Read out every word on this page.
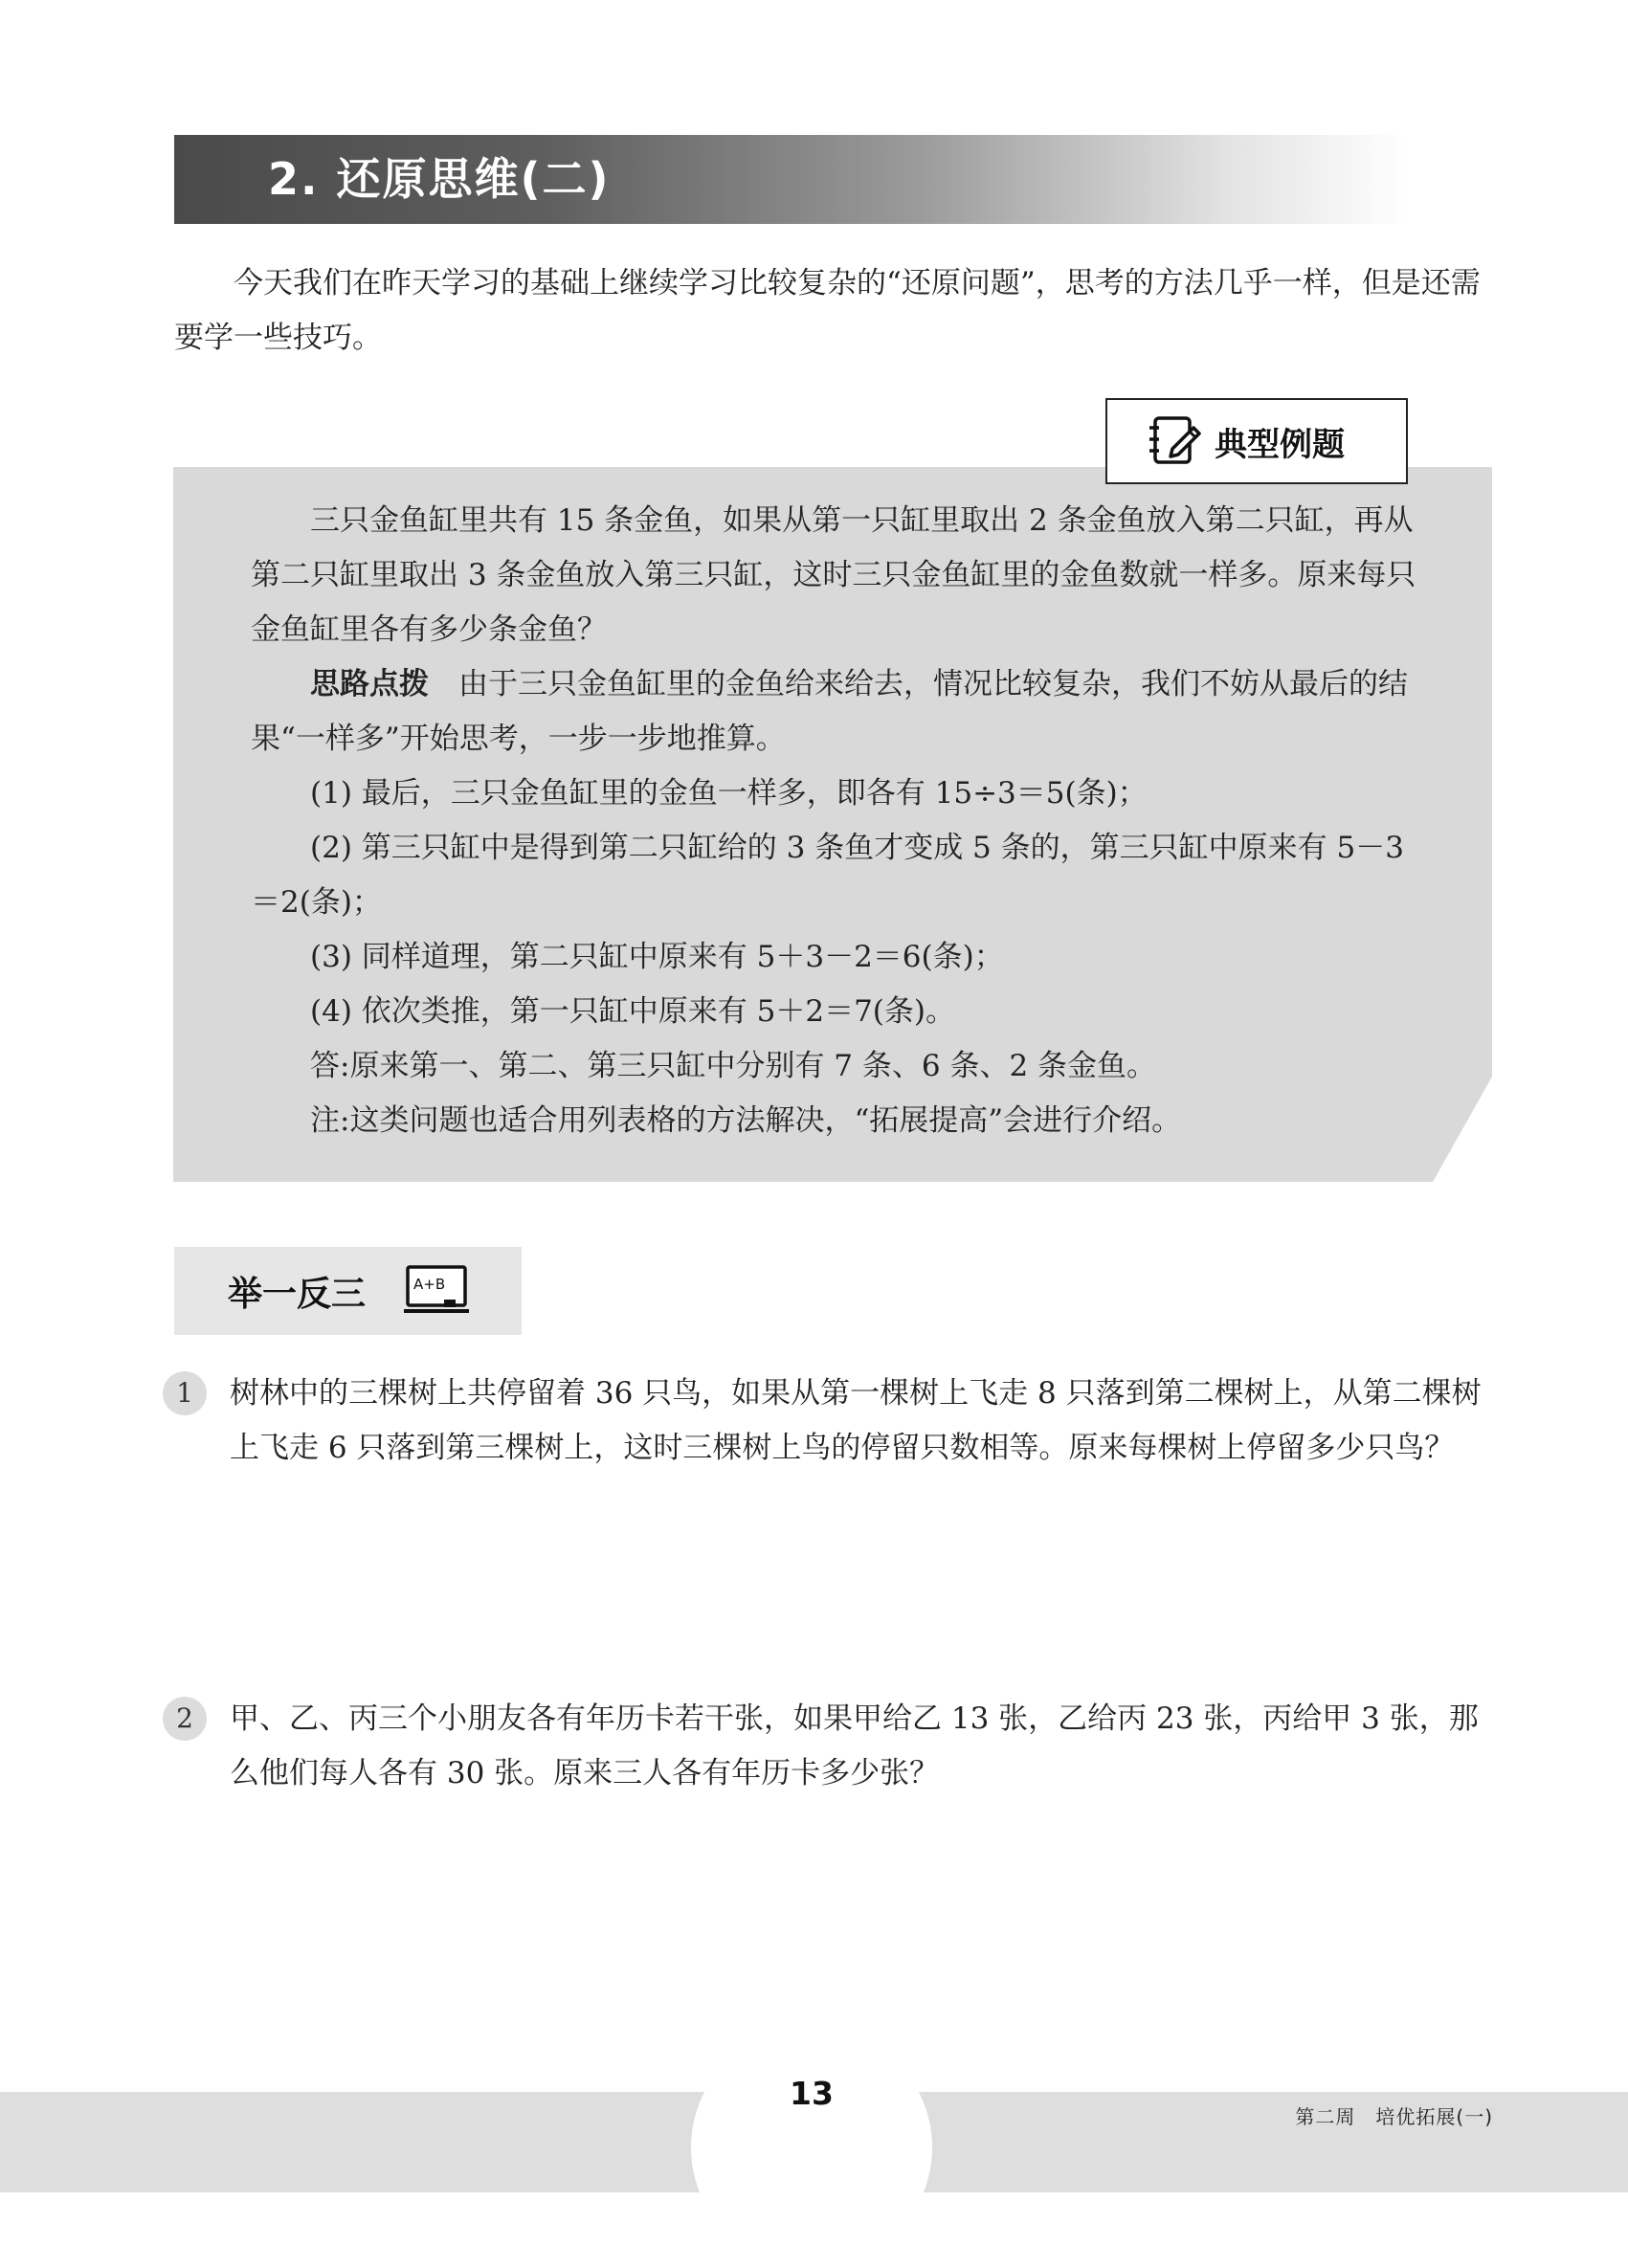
2. 还原思维(二)

今天我们在昨天学习的基础上继续学习比较复杂的“还原问题”，思考的方法几乎一样，但是还需要学一些技巧。

典型例题

三只金鱼缸里共有 15 条金鱼，如果从第一只缸里取出 2 条金鱼放入第二只缸，再从第二只缸里取出 3 条金鱼放入第三只缸，这时三只金鱼缸里的金鱼数就一样多。原来每只金鱼缸里各有多少条金鱼？

思路点拨　 由于三只金鱼缸里的金鱼给来给去，情况比较复杂，我们不妨从最后的结果“一样多”开始思考，一步一步地推算。

(1) 最后，三只金鱼缸里的金鱼一样多，即各有 15÷3＝5(条)；

(2) 第三只缸中是得到第二只缸给的 3 条鱼才变成 5 条的，第三只缸中原来有 5－3＝2(条)；

(3) 同样道理，第二只缸中原来有 5＋3－2＝6(条)；

(4) 依次类推，第一只缸中原来有 5＋2＝7(条)。

答:原来第一、第二、第三只缸中分别有 7 条、6 条、2 条金鱼。

注:这类问题也适合用列表格的方法解决，“拓展提高”会进行介绍。

举一反三	A+B
1	树林中的三棵树上共停留着 36 只鸟，如果从第一棵树上飞走 8 只落到第二棵树上，从第二棵树上飞走 6 只落到第三棵树上，这时三棵树上鸟的停留只数相等。原来每棵树上停留多少只鸟？

2	甲、乙、丙三个小朋友各有年历卡若干张，如果甲给乙 13 张，乙给丙 23 张，丙给甲 3 张，那么他们每人各有 30 张。原来三人各有年历卡多少张？

13
第二周　培优拓展(一)
